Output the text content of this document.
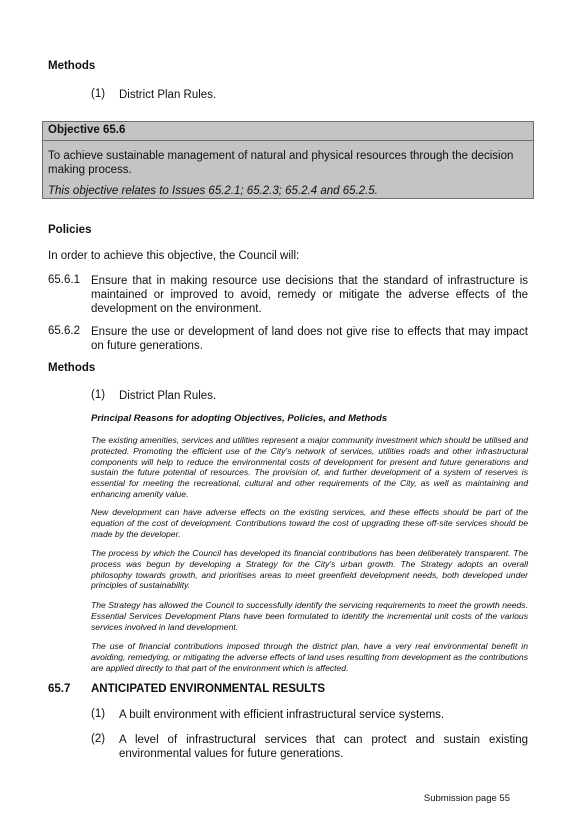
Methods
(1) District Plan Rules.
Objective 65.6
To achieve sustainable management of natural and physical resources through the decision making process.
This objective relates to Issues 65.2.1; 65.2.3; 65.2.4 and 65.2.5.
Policies
In order to achieve this objective, the Council will:
65.6.1 Ensure that in making resource use decisions that the standard of infrastructure is maintained or improved to avoid, remedy or mitigate the adverse effects of the development on the environment.
65.6.2 Ensure the use or development of land does not give rise to effects that may impact on future generations.
Methods
(1) District Plan Rules.
Principal Reasons for adopting Objectives, Policies, and Methods
The existing amenities, services and utilities represent a major community investment which should be utilised and protected. Promoting the efficient use of the City's network of services, utilities roads and other infrastructural components will help to reduce the environmental costs of development for present and future generations and sustain the future potential of resources. The provision of, and further development of a system of reserves is essential for meeting the recreational, cultural and other requirements of the City, as well as maintaining and enhancing amenity value.
New development can have adverse effects on the existing services, and these effects should be part of the equation of the cost of development. Contributions toward the cost of upgrading these off-site services should be made by the developer.
The process by which the Council has developed its financial contributions has been deliberately transparent. The process was begun by developing a Strategy for the City's urban growth. The Strategy adopts an overall philosophy towards growth, and prioritises areas to meet greenfield development needs, both developed under principles of sustainability.
The Strategy has allowed the Council to successfully identify the servicing requirements to meet the growth needs. Essential Services Development Plans have been formulated to identify the incremental unit costs of the various services involved in land development.
The use of financial contributions imposed through the district plan, have a very real environmental benefit in avoiding, remedying, or mitigating the adverse effects of land uses resulting from development as the contributions are applied directly to that part of the environment which is affected.
65.7 ANTICIPATED ENVIRONMENTAL RESULTS
(1) A built environment with efficient infrastructural service systems.
(2) A level of infrastructural services that can protect and sustain existing environmental values for future generations.
Submission page 55
